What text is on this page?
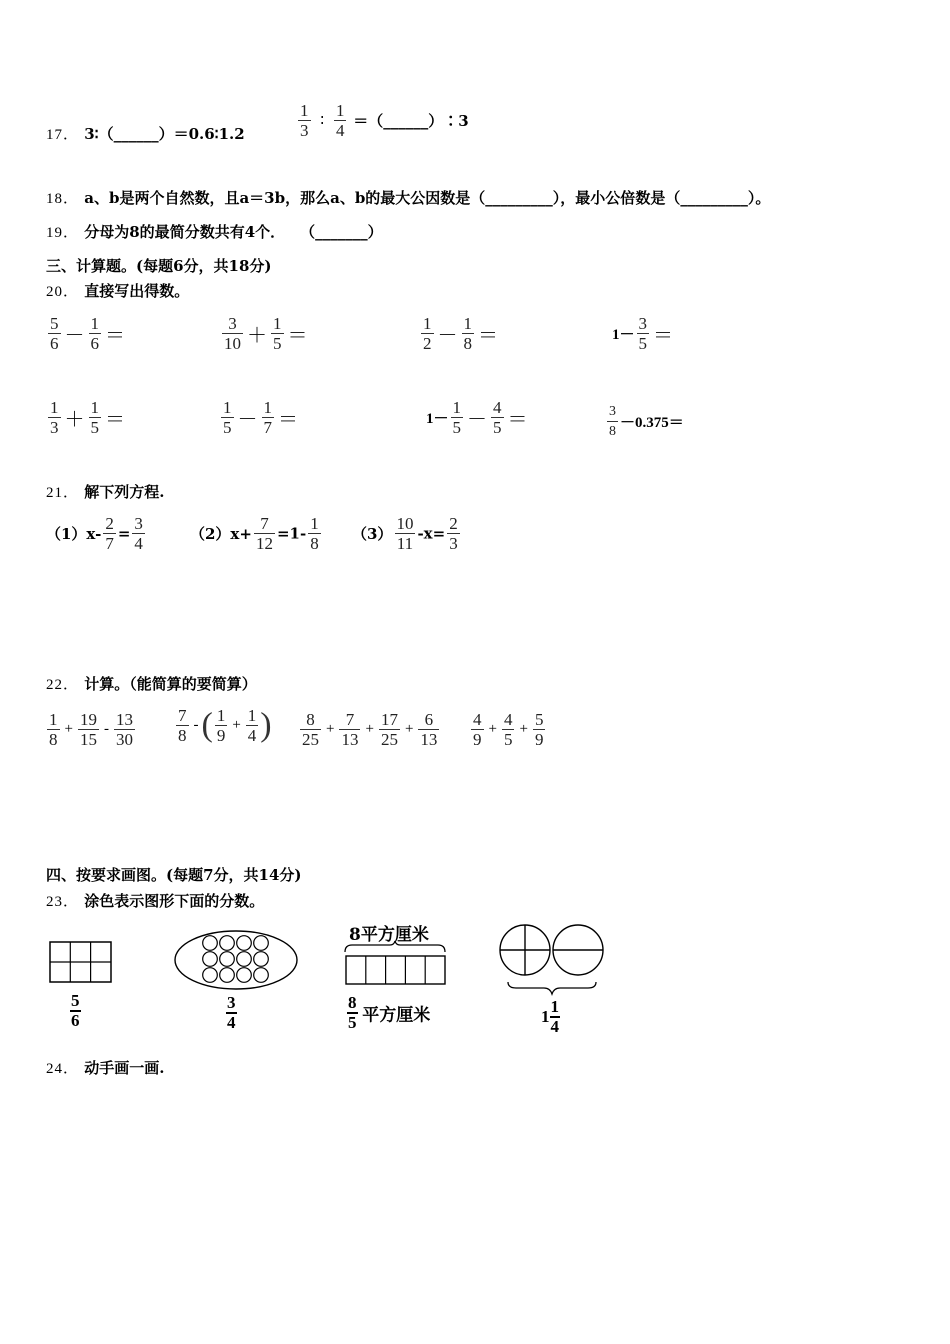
17． 3∶（______）＝0.6∶1.2	$\frac{1}{3}$ ∶ $\frac{1}{4}$ ＝（______）∶3
18． a、b是两个自然数，且a＝3b，那么a、b的最大公因数是（_________），最小公倍数是（_________）。
19． 分母为8的最简分数共有4个．　　（_______）
三、计算题。(每题6分，共18分)
20． 直接写出得数。
$\frac{5}{6} - \frac{1}{6}$ ＝	$\frac{3}{10} + \frac{1}{5}$ ＝	$\frac{1}{2} - \frac{1}{8}$ ＝	$1- \frac{3}{5}$ ＝
$\frac{1}{3} + \frac{1}{5}$ ＝	$\frac{1}{5} - \frac{1}{7}$ ＝	$1- \frac{1}{5} - \frac{4}{5}$ ＝	$\frac{3}{8} -0.375=$
21． 解下列方程.
$(1)x- \frac{2}{7} = \frac{3}{4}$	$(2)x+ \frac{7}{12} =1- \frac{1}{8} (3) \frac{10}{11} -x= \frac{2}{3}$
22． 计算。（能简算的要简算）
$\frac{1}{8} + \frac{19}{15} - \frac{13}{30} \frac{7}{8}$ -( $\frac{1}{9} + \frac{1}{4}$ ) $\frac{8}{25} + \frac{7}{13} + \frac{17}{25} + \frac{6}{13} \frac{4}{9} + \frac{4}{5} + \frac{5}{9}$
四、按要求画图。(每题7分，共14分)
23． 涂色表示图形下面的分数。
$\frac{5}{6}$	$\frac{3}{4}$
8平方厘米
$\frac{8}{5}$ 平方厘米	$1 \frac{1}{4}$
24． 动手画一画.
